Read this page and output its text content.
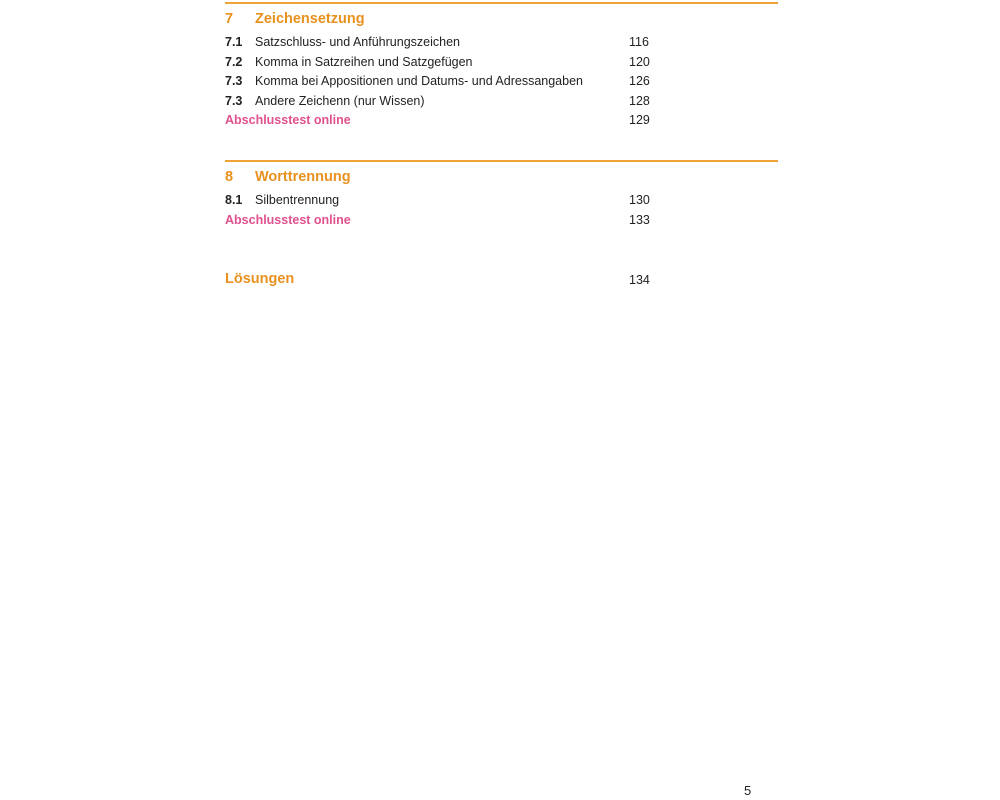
7	Zeichensetzung
7.1 Satzschluss- und Anführungszeichen	116
7.2 Komma in Satzreihen und Satzgefügen	120
7.3 Komma bei Appositionen und Datums- und Adressangaben	126
7.3 Andere Zeichenn (nur Wissen)	128
Abschlusstest online	129
8	Worttrennung
8.1 Silbentrennung	130
Abschlusstest online	133
Lösungen	134
5
